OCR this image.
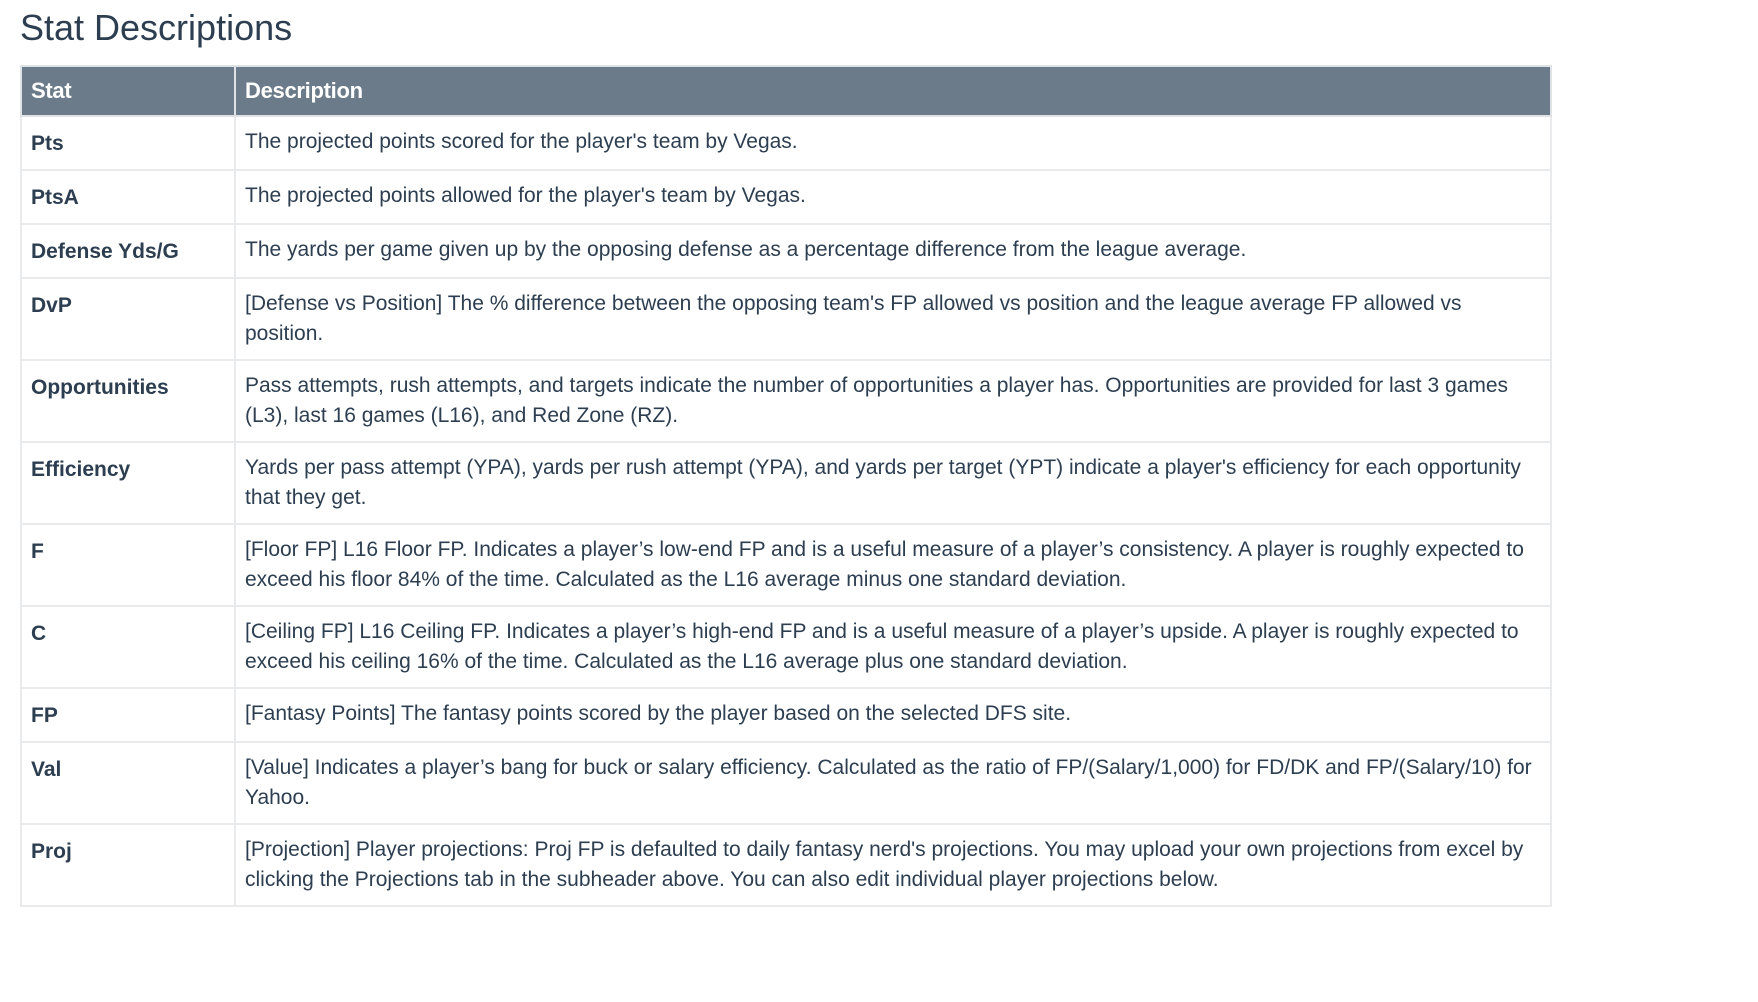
Stat Descriptions
Stat	Description
Pts	The projected points scored for the player's team by Vegas.
PtsA	The projected points allowed for the player's team by Vegas.
Defense Yds/G	The yards per game given up by the opposing defense as a percentage difference from the league average.
DvP	[Defense vs Position] The % difference between the opposing team's FP allowed vs position and the league average FP allowed vs position.
Opportunities	Pass attempts, rush attempts, and targets indicate the number of opportunities a player has. Opportunities are provided for last 3 games (L3), last 16 games (L16), and Red Zone (RZ).
Efficiency	Yards per pass attempt (YPA), yards per rush attempt (YPA), and yards per target (YPT) indicate a player's efficiency for each opportunity that they get.
F	[Floor FP] L16 Floor FP. Indicates a player’s low-end FP and is a useful measure of a player’s consistency. A player is roughly expected to exceed his floor 84% of the time. Calculated as the L16 average minus one standard deviation.
C	[Ceiling FP] L16 Ceiling FP. Indicates a player’s high-end FP and is a useful measure of a player’s upside. A player is roughly expected to exceed his ceiling 16% of the time. Calculated as the L16 average plus one standard deviation.
FP	[Fantasy Points] The fantasy points scored by the player based on the selected DFS site.
Val	[Value] Indicates a player’s bang for buck or salary efficiency. Calculated as the ratio of FP/(Salary/1,000) for FD/DK and FP/(Salary/10) for Yahoo.
Proj	[Projection] Player projections: Proj FP is defaulted to daily fantasy nerd's projections. You may upload your own projections from excel by clicking the Projections tab in the subheader above. You can also edit individual player projections below.
